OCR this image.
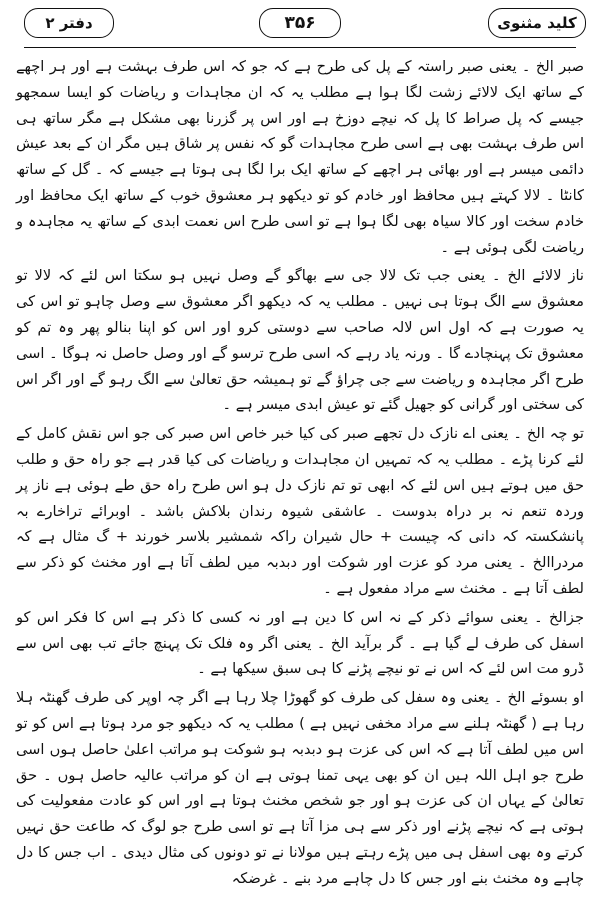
کلید مثنوی
۳۵۶
دفتر ۲

صبر الخ ۔ یعنی صبر راستہ کے پل کی طرح ہے کہ جو کہ اس طرف بہشت ہے اور ہر اچھے کے ساتھ ایک لالائے زشت لگا ہوا ہے مطلب یہ کہ ان مجاہدات و ریاضات کو ایسا سمجھو جیسے کہ پل صراط کا پل کہ نیچے دوزخ ہے اور اس پر گزرنا بھی مشکل ہے مگر ساتھ ہی اس طرف بہشت بھی ہے اسی طرح مجاہدات گو کہ نفس پر شاق ہیں مگر ان کے بعد عیش دائمی میسر ہے اور بھائی ہر اچھے کے ساتھ ایک برا لگا ہی ہوتا ہے جیسے کہ ۔ گل کے ساتھ کانٹا ۔ لالا کہتے ہیں محافظ اور خادم کو تو دیکھو ہر معشوق خوب کے ساتھ ایک محافظ اور خادم سخت اور کالا سیاہ بھی لگا ہوا ہے تو اسی طرح اس نعمت ابدی کے ساتھ یہ مجاہدہ و ریاضت لگی ہوئی ہے ۔

ناز لالائے الخ ۔ یعنی جب تک لالا جی سے بھاگو گے وصل نہیں ہو سکتا اس لئے کہ لالا تو معشوق سے الگ ہوتا ہی نہیں ۔ مطلب یہ کہ دیکھو اگر معشوق سے وصل چاہو تو اس کی یہ صورت ہے کہ اول اس لالہ صاحب سے دوستی کرو اور اس کو اپنا بنالو پھر وہ تم کو معشوق تک پہنچادے گا ۔ ورنہ یاد رہے کہ اسی طرح ترسو گے اور وصل حاصل نہ ہوگا ۔ اسی طرح اگر مجاہدہ و ریاضت سے جی چراؤ گے تو ہمیشہ حق تعالیٰ سے الگ رہو گے اور اگر اس کی سختی اور گرانی کو جھیل گئے تو عیش ابدی میسر ہے ۔

تو چہ الخ ۔ یعنی اے نازک دل تجھے صبر کی کیا خبر خاص اس صبر کی جو اس نقش کامل کے لئے کرنا پڑے ۔ مطلب یہ کہ تمہیں ان مجاہدات و ریاضات کی کیا قدر ہے جو راہ حق و طلب حق میں ہوتے ہیں اس لئے کہ ابھی تو تم نازک دل ہو اس طرح راہ حق طے ہوئی ہے ناز پر وردہ تنعم نہ بر دراہ بدوست ۔ عاشقی شیوہ رندان بلاکش باشد ۔ اوبرائے تراخارے بہ پانشکستہ کہ دانی کہ چیست + حال شیران راکہ شمشیر بلاسر خورند + گ مثال ہے کہ مردراالخ ۔ یعنی مرد کو عزت اور شوکت اور دبدبہ میں لطف آتا ہے اور مخنث کو ذکر سے لطف آتا ہے ۔ مخنث سے مراد مفعول ہے ۔

جزالخ ۔ یعنی سوائے ذکر کے نہ اس کا دین ہے اور نہ کسی کا ذکر ہے اس کا فکر اس کو اسفل کی طرف لے گیا ہے ۔ گر برآید الخ ۔ یعنی اگر وہ فلک تک پہنچ جائے تب بھی اس سے ڈرو مت اس لئے کہ اس نے تو نیچے پڑنے کا ہی سبق سیکھا ہے ۔

او بسوئے الخ ۔ یعنی وہ سفل کی طرف کو گھوڑا چلا رہا ہے اگر چہ اوپر کی طرف گھنٹہ ہلا رہا ہے ( گھنٹہ ہلنے سے مراد مخفی نہیں ہے ) مطلب یہ کہ دیکھو جو مرد ہوتا ہے اس کو تو اس میں لطف آتا ہے کہ اس کی عزت ہو دبدبہ ہو شوکت ہو مراتب اعلیٰ حاصل ہوں اسی طرح جو اہل اللہ ہیں ان کو بھی یہی تمنا ہوتی ہے ان کو مراتب عالیہ حاصل ہوں ۔ حق تعالیٰ کے یہاں ان کی عزت ہو اور جو شخص مخنث ہوتا ہے اور اس کو عادت مفعولیت کی ہوتی ہے کہ نیچے پڑنے اور ذکر سے ہی مزا آتا ہے تو اسی طرح جو لوگ کہ طاعت حق نہیں کرتے وہ بھی اسفل ہی میں پڑے رہتے ہیں مولانا نے تو دونوں کی مثال دیدی ۔ اب جس کا دل چاہے وہ مخنث بنے اور جس کا دل چاہے مرد بنے ۔ غرضکہ
